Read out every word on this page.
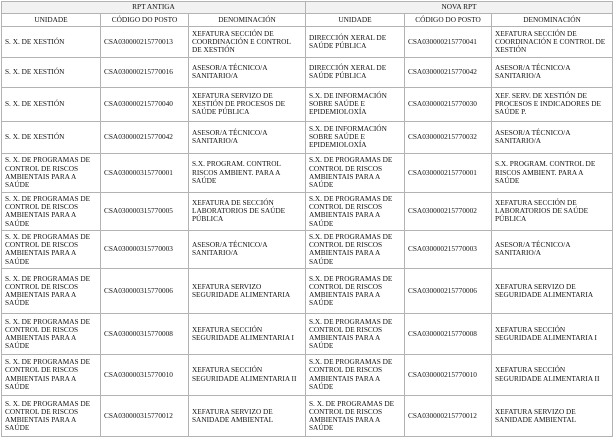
RPT ANTIGA			NOVA RPT		
UNIDADE	CÓDIGO DO POSTO	DENOMINACIÓN	UNIDADE	CÓDIGO DO POSTO	DENOMINACIÓN
S. X. DE XESTIÓN	CSA030000215770013	XEFATURA SECCIÓN DE COORDINACIÓN E CONTROL DE XESTIÓN	DIRECCIÓN XERAL DE SAÚDE PÚBLICA	CSA030000215770041	XEFATURA SECCIÓN DE COORDINACIÓN E CONTROL DE XESTIÓN
S. X. DE XESTIÓN	CSA030000215770016	ASESOR/A TÉCNICO/A SANITARIO/A	DIRECCIÓN XERAL DE SAÚDE PÚBLICA	CSA030000215770042	ASESOR/A TÉCNICO/A SANITARIO/A
S. X. DE XESTIÓN	CSA030000215770040	XEFATURA SERVIZO DE XESTIÓN DE PROCESOS DE SAÚDE PÚBLICA	S.X. DE INFORMACIÓN SOBRE SAÚDE E EPIDEMIOLOXÍA	CSA030000215770030	XEF. SERV. DE XESTIÓN DE PROCESOS E INDICADORES DE SAÚDE P.
S. X. DE XESTIÓN	CSA030000215770042	ASESOR/A TÉCNICO/A SANITARIO/A	S.X. DE INFORMACIÓN SOBRE SAÚDE E EPIDEMIOLOXÍA	CSA030000215770032	ASESOR/A TÉCNICO/A SANITARIO/A
S. X. DE PROGRAMAS DE CONTROL DE RISCOS AMBIENTAIS PARA A SAÚDE	CSA030000315770001	S.X. PROGRAM. CONTROL RISCOS AMBIENT. PARA A SAÚDE	S.X. DE PROGRAMAS DE CONTROL DE RISCOS AMBIENTAIS PARA A SAÚDE	CSA030000215770001	S.X. PROGRAM. CONTROL DE RISCOS AMBIENT. PARA A SAÚDE
S. X. DE PROGRAMAS DE CONTROL DE RISCOS AMBIENTAIS PARA A SAÚDE	CSA030000315770005	XEFATURA DE SECCIÓN LABORATORIOS DE SAÚDE PÚBLICA	S.X. DE PROGRAMAS DE CONTROL DE RISCOS AMBIENTAIS PARA A SAÚDE	CSA030000215770002	XEFATURA SECCIÓN DE LABORATORIOS DE SAÚDE PÚBLICA
S. X. DE PROGRAMAS DE CONTROL DE RISCOS AMBIENTAIS PARA A SAÚDE	CSA030000315770003	ASESOR/A TÉCNICO/A SANITARIO/A	S.X. DE PROGRAMAS DE CONTROL DE RISCOS AMBIENTAIS PARA A SAÚDE	CSA030000215770003	ASESOR/A TÉCNICO/A SANITARIO/A
S. X. DE PROGRAMAS DE CONTROL DE RISCOS AMBIENTAIS PARA A SAÚDE	CSA030000315770006	XEFATURA SERVIZO SEGURIDADE ALIMENTARIA	S.X. DE PROGRAMAS DE CONTROL DE RISCOS AMBIENTAIS PARA A SAÚDE	CSA030000215770006	XEFATURA SERVIZO DE SEGURIDADE ALIMENTARIA
S. X. DE PROGRAMAS DE CONTROL DE RISCOS AMBIENTAIS PARA A SAÚDE	CSA030000315770008	XEFATURA SECCIÓN SEGURIDADE ALIMENTARIA I	S.X. DE PROGRAMAS DE CONTROL DE RISCOS AMBIENTAIS PARA A SAÚDE	CSA030000215770008	XEFATURA SECCIÓN SEGURIDADE ALIMENTARIA I
S. X. DE PROGRAMAS DE CONTROL DE RISCOS AMBIENTAIS PARA A SAÚDE	CSA030000315770010	XEFATURA SECCIÓN SEGURIDADE ALIMENTARIA II	S.X. DE PROGRAMAS DE CONTROL DE RISCOS AMBIENTAIS PARA A SAÚDE	CSA030000215770010	XEFATURA SECCIÓN SEGURIDADE ALIMENTARIA II
S. X. DE PROGRAMAS DE CONTROL DE RISCOS AMBIENTAIS PARA A SAÚDE	CSA030000315770012	XEFATURA SERVIZO DE SANIDADE AMBIENTAL	S. X. DE PROGRAMAS DE CONTROL DE RISCOS AMBIENTAIS PARA A SAÚDE	CSA030000215770012	XEFATURA SERVIZO DE SANIDADE AMBIENTAL
